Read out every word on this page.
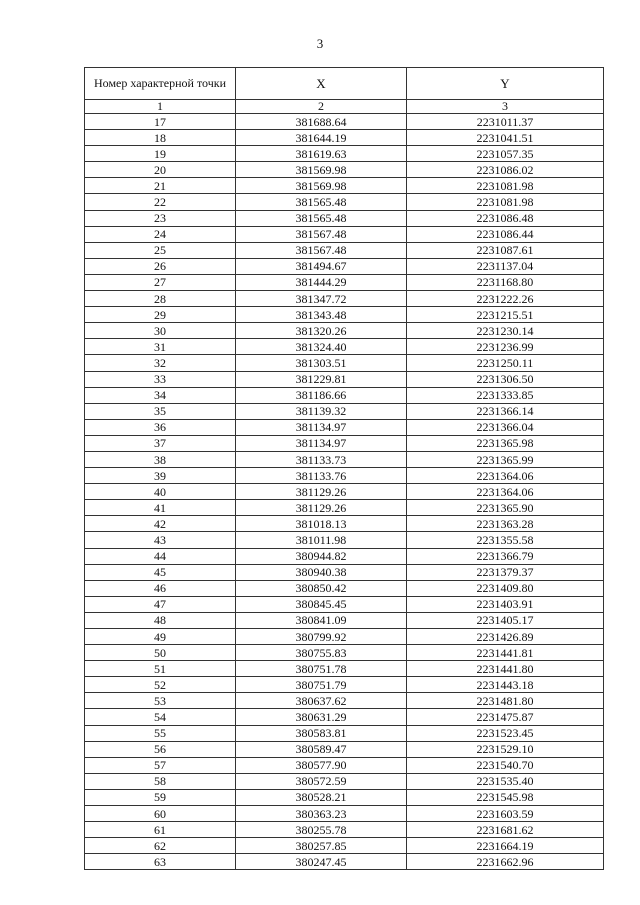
3
Номер характерной точки	X	Y
1	2	3
17	381688.64	2231011.37
18	381644.19	2231041.51
19	381619.63	2231057.35
20	381569.98	2231086.02
21	381569.98	2231081.98
22	381565.48	2231081.98
23	381565.48	2231086.48
24	381567.48	2231086.44
25	381567.48	2231087.61
26	381494.67	2231137.04
27	381444.29	2231168.80
28	381347.72	2231222.26
29	381343.48	2231215.51
30	381320.26	2231230.14
31	381324.40	2231236.99
32	381303.51	2231250.11
33	381229.81	2231306.50
34	381186.66	2231333.85
35	381139.32	2231366.14
36	381134.97	2231366.04
37	381134.97	2231365.98
38	381133.73	2231365.99
39	381133.76	2231364.06
40	381129.26	2231364.06
41	381129.26	2231365.90
42	381018.13	2231363.28
43	381011.98	2231355.58
44	380944.82	2231366.79
45	380940.38	2231379.37
46	380850.42	2231409.80
47	380845.45	2231403.91
48	380841.09	2231405.17
49	380799.92	2231426.89
50	380755.83	2231441.81
51	380751.78	2231441.80
52	380751.79	2231443.18
53	380637.62	2231481.80
54	380631.29	2231475.87
55	380583.81	2231523.45
56	380589.47	2231529.10
57	380577.90	2231540.70
58	380572.59	2231535.40
59	380528.21	2231545.98
60	380363.23	2231603.59
61	380255.78	2231681.62
62	380257.85	2231664.19
63	380247.45	2231662.96
